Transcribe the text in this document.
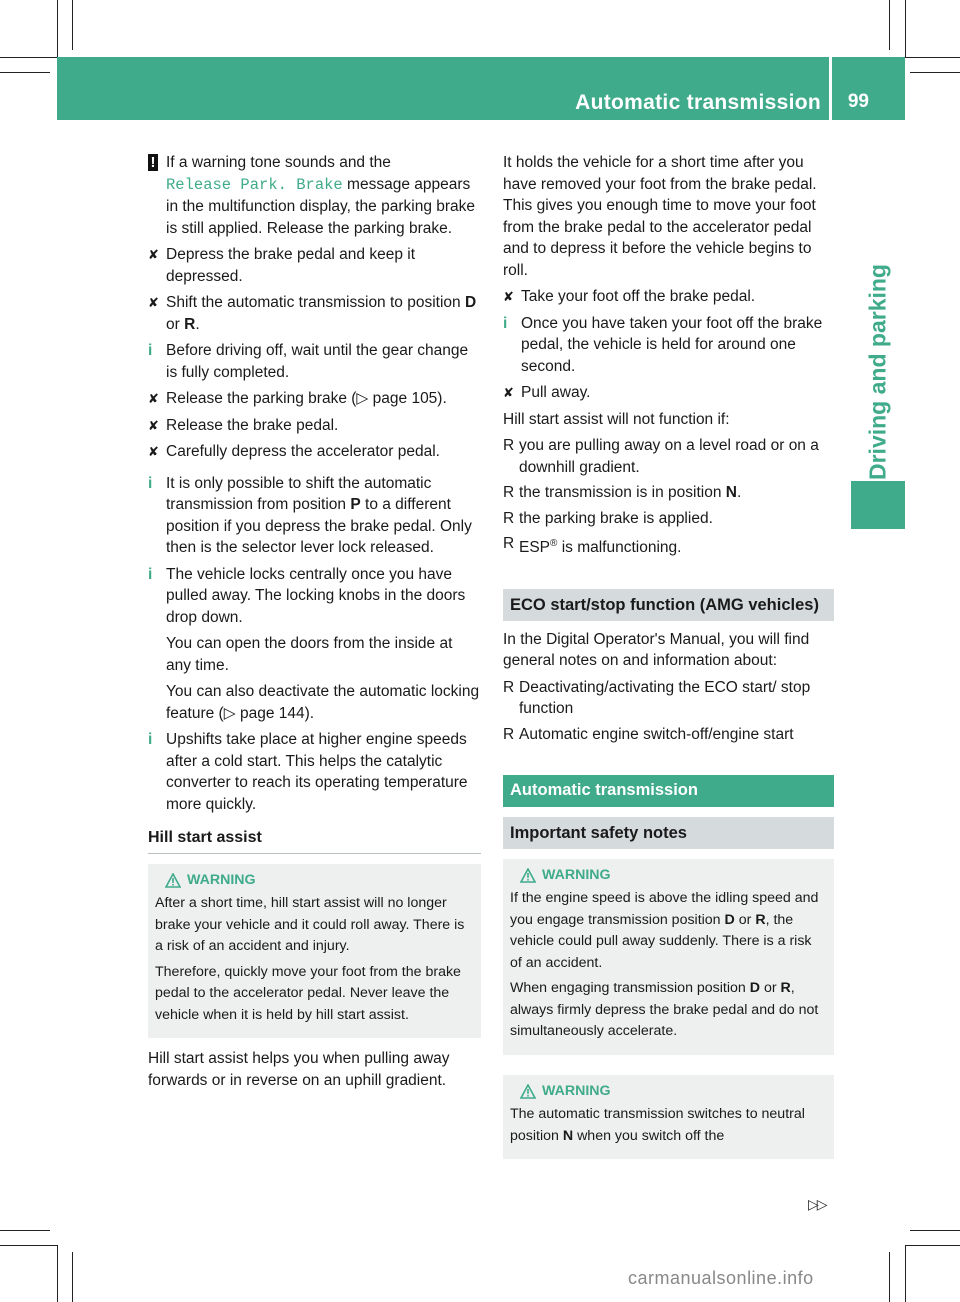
Automatic transmission 99
Driving and parking
! If a warning tone sounds and the
Release Park. Brake message appears in the multifunction display, the parking brake is still applied. Release the parking brake.
✘ Depress the brake pedal and keep it depressed.
✘ Shift the automatic transmission to position D or R.
i Before driving off, wait until the gear change is fully completed.
✘ Release the parking brake (▷ page 105).
✘ Release the brake pedal.
✘ Carefully depress the accelerator pedal.
i It is only possible to shift the automatic transmission from position P to a different position if you depress the brake pedal. Only then is the selector lever lock released.
i The vehicle locks centrally once you have pulled away. The locking knobs in the doors drop down.

You can open the doors from the inside at any time.

You can also deactivate the automatic locking feature (▷ page 144).

i Upshifts take place at higher engine speeds after a cold start. This helps the catalytic converter to reach its operating temperature more quickly.
Hill start assist
WARNING

After a short time, hill start assist will no longer brake your vehicle and it could roll away. There is a risk of an accident and injury.

Therefore, quickly move your foot from the brake pedal to the accelerator pedal. Never leave the vehicle when it is held by hill start assist.

Hill start assist helps you when pulling away forwards or in reverse on an uphill gradient.

It holds the vehicle for a short time after you have removed your foot from the brake pedal. This gives you enough time to move your foot from the brake pedal to the accelerator pedal and to depress it before the vehicle begins to roll.

✘ Take your foot off the brake pedal.
i Once you have taken your foot off the brake pedal, the vehicle is held for around one second.
✘ Pull away.

Hill start assist will not function if:

R you are pulling away on a level road or on a downhill gradient.
R the transmission is in position N.
R the parking brake is applied.
R ESP® is malfunctioning.
ECO start/stop function (AMG vehicles)

In the Digital Operator's Manual, you will find general notes on and information about:

R Deactivating/activating the ECO start/ stop function
R Automatic engine switch-off/engine start
Automatic transmission
Important safety notes
WARNING

If the engine speed is above the idling speed and you engage transmission position D or R, the vehicle could pull away suddenly. There is a risk of an accident.

When engaging transmission position D or R, always firmly depress the brake pedal and do not simultaneously accelerate.

WARNING

The automatic transmission switches to neutral position N when you switch off the

▷▷
carmanualsonline.info
